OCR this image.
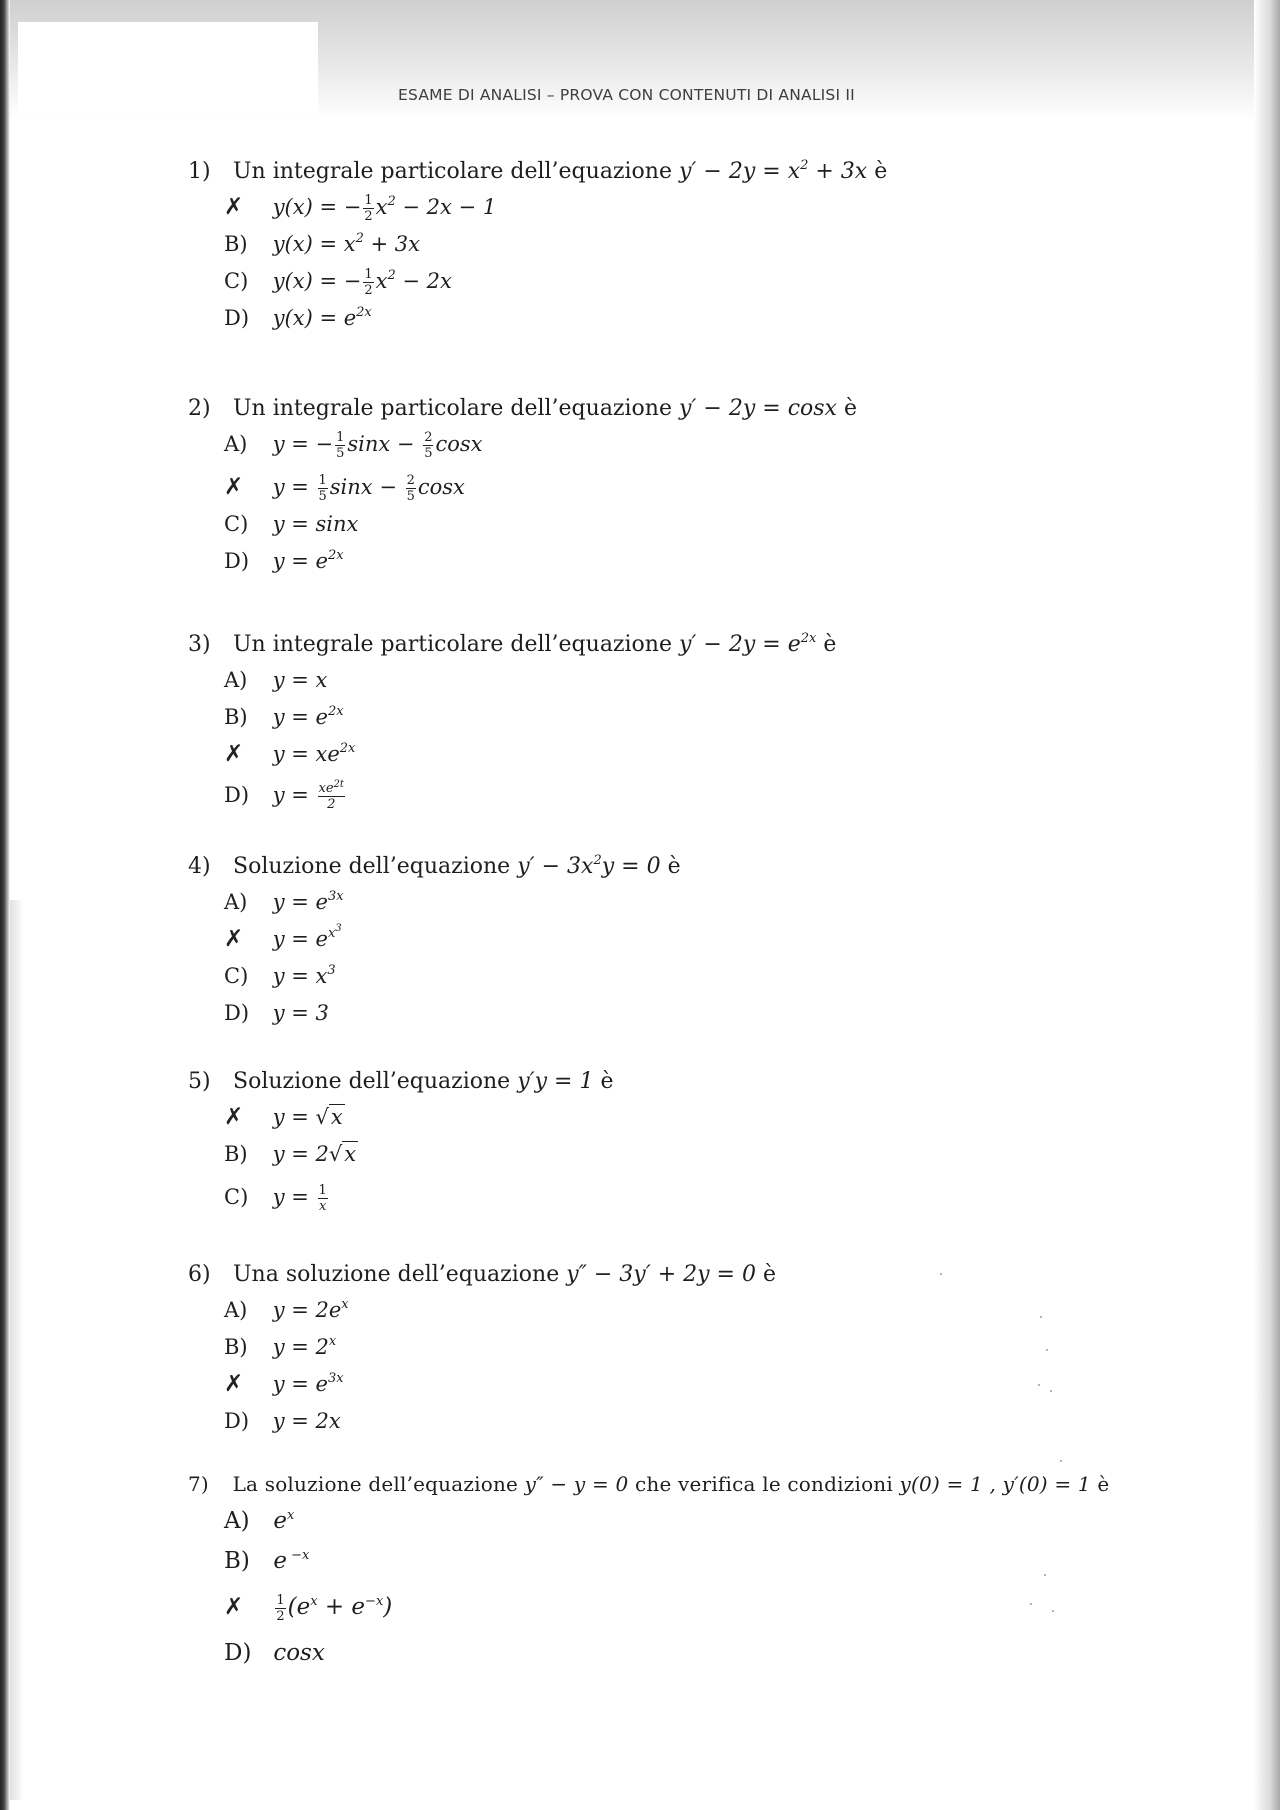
ESAME DI ANALISI – PROVA CON CONTENUTI DI ANALISI II
1) Un integrale particolare dell’equazione $y' - 2y = x^2 + 3x$ è
✗ y(x) = − $\frac{1}{2} x^2 - 2x - 1$
B) $y(x) = x^2 + 3x$
C) y(x) = − $\frac{1}{2} x^2 - 2x$
D) $y(x) = e^{2x}$
2) Un integrale particolare dell’equazione y′ − 2y = cosx è
A) y = − $\frac{1}{5}$ $\sin x - \frac{2}{5}$ cosx
✗ $y = \frac{1}{5}$ $\sin x - \frac{2}{5}$ cosx
C) y = sinx
D) $y = e^{2x}$
3) Un integrale particolare dell’equazione $y' - 2y = e^{2x}$ è
A) y = x
B) $y = e^{2x}$
✗ $y = xe^{2x}$
D) $y = \frac{xe^{2t}}{2}$
4) Soluzione dell’equazione $y' - 3x^2y = 0$ è
A) $y = e^{3x}$
✗ $y = e^{x^3}$
C) $y = x^3$
D) y = 3
5) Soluzione dell’equazione y′y = 1 è
✗ y = √x
B) y = 2√x
C) $y = \frac{1}{x}$
6) Una soluzione dell’equazione y″ − 3y′ + 2y = 0 è
A) $y = 2e^x$
B) $y = 2^x$
✗ $y = e^{3x}$
D) y = 2x
7) La soluzione dell’equazione y″ − y = 0 che verifica le condizioni y(0) = 1 , y′(0) = 1 è
A) $e^x$
B) e $^{-x}$
✗	$\frac{1}{2} (e^x + e^{-x})$
D) cosx
